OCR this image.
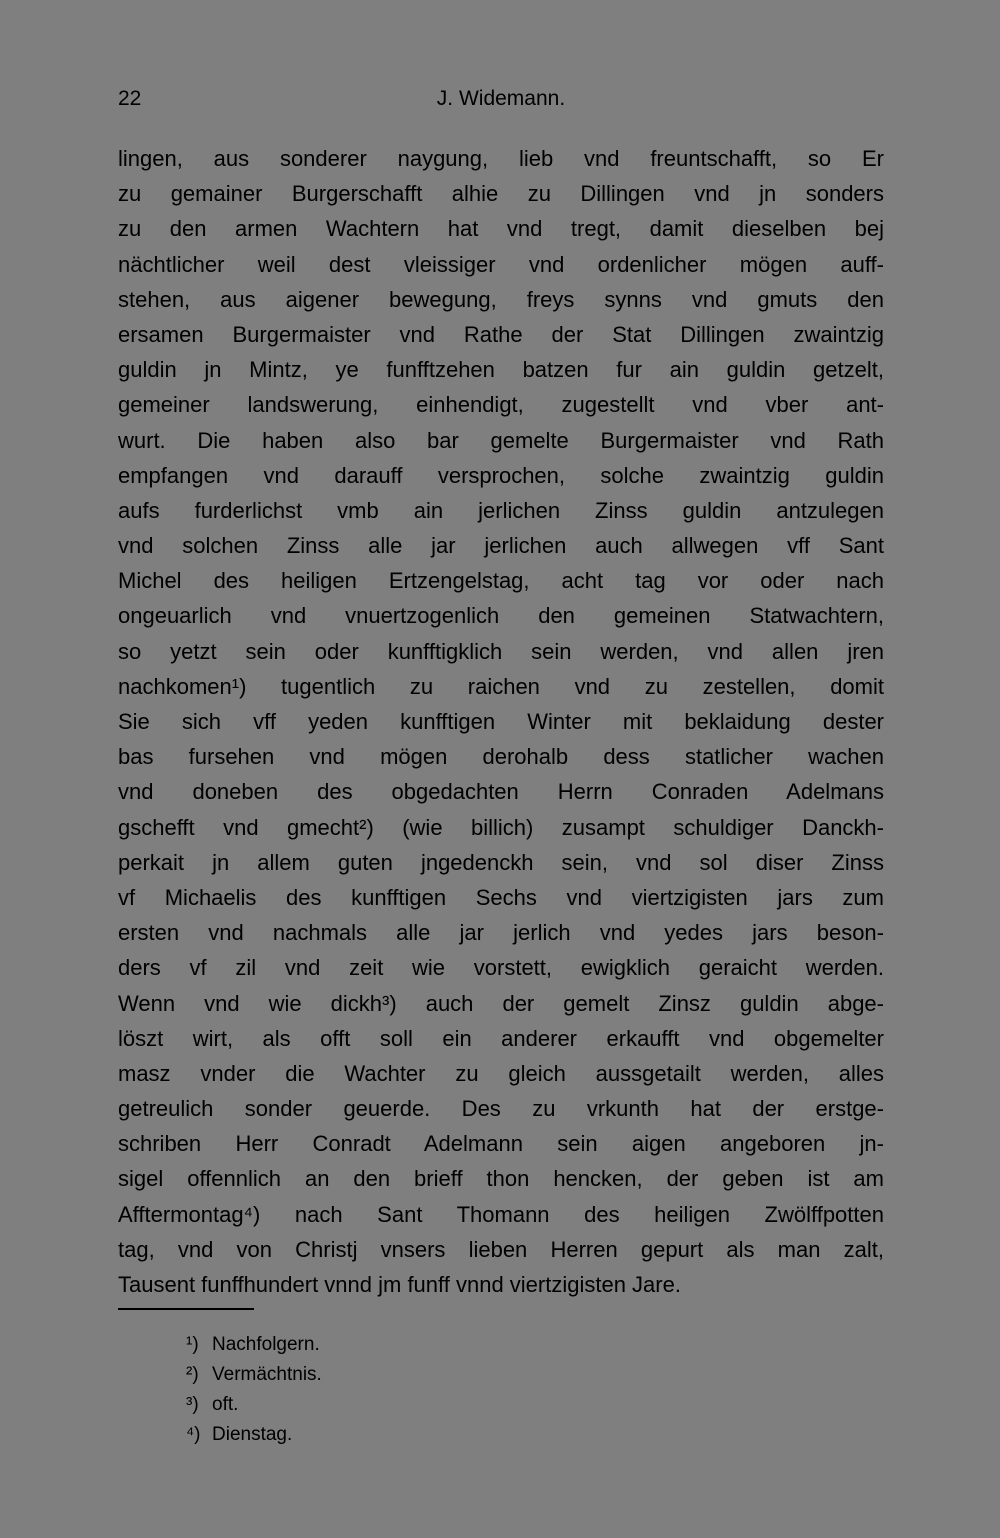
22	J. Widemann.
lingen, aus sonderer naygung, lieb vnd freuntschafft, so Er
zu gemainer Burgerschafft alhie zu Dillingen vnd jn sonders
zu den armen Wachtern hat vnd tregt, damit dieselben bej
nächtlicher weil dest vleissiger vnd ordenlicher mögen auff-
stehen, aus aigener bewegung, freys synns vnd gmuts den
ersamen Burgermaister vnd Rathe der Stat Dillingen zwaintzig
guldin jn Mintz, ye funfftzehen batzen fur ain guldin getzelt,
gemeiner landswerung, einhendigt, zugestellt vnd vber ant-
wurt. Die haben also bar gemelte Burgermaister vnd Rath
empfangen vnd darauff versprochen, solche zwaintzig guldin
aufs furderlichst vmb ain jerlichen Zinss guldin antzulegen
vnd solchen Zinss alle jar jerlichen auch allwegen vff Sant
Michel des heiligen Ertzengelstag, acht tag vor oder nach
ongeuarlich vnd vnuertzogenlich den gemeinen Statwachtern,
so yetzt sein oder kunfftigklich sein werden, vnd allen jren
nachkomen¹) tugentlich zu raichen vnd zu zestellen, domit
Sie sich vff yeden kunfftigen Winter mit beklaidung dester
bas fursehen vnd mögen derohalb dess statlicher wachen
vnd doneben des obgedachten Herrn Conraden Adelmans
gschefft vnd gmecht²) (wie billich) zusampt schuldiger Danckh-
perkait jn allem guten jngedenckh sein, vnd sol diser Zinss
vf Michaelis des kunfftigen Sechs vnd viertzigisten jars zum
ersten vnd nachmals alle jar jerlich vnd yedes jars beson-
ders vf zil vnd zeit wie vorstett, ewigklich geraicht werden.
Wenn vnd wie dickh³) auch der gemelt Zinsz guldin abge-
löszt wirt, als offt soll ein anderer erkaufft vnd obgemelter
masz vnder die Wachter zu gleich aussgetailt werden, alles
getreulich sonder geuerde. Des zu vrkunth hat der erstge-
schriben Herr Conradt Adelmann sein aigen angeboren jn-
sigel offennlich an den brieff thon hencken, der geben ist am
Afftermontag⁴) nach Sant Thomann des heiligen Zwölffpotten
tag, vnd von Christj vnsers lieben Herren gepurt als man zalt,
Tausent funffhundert vnnd jm funff vnnd viertzigisten Jare.
¹) Nachfolgern.
²) Vermächtnis.
³) oft.
⁴) Dienstag.
